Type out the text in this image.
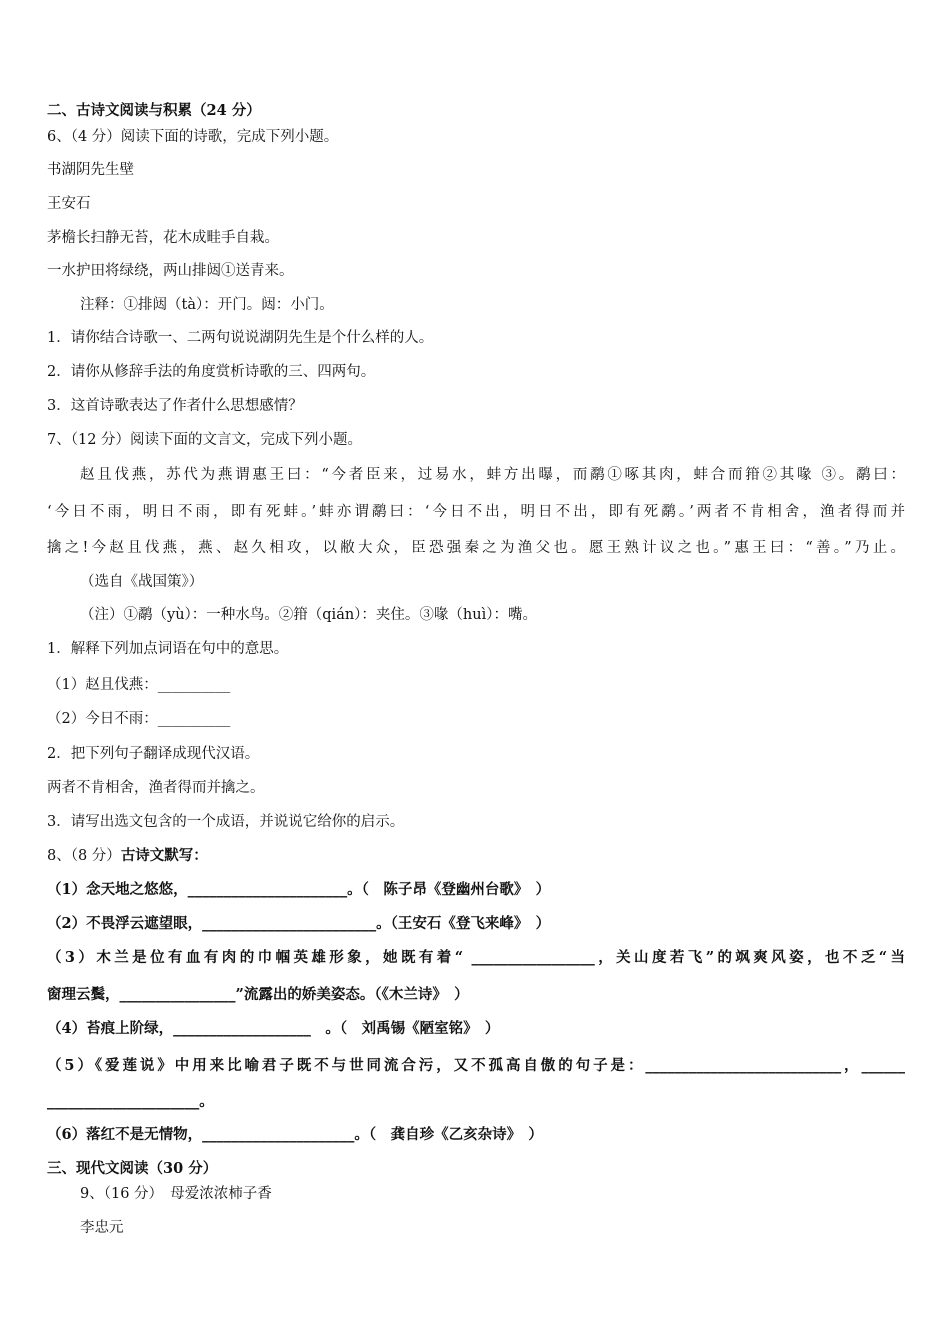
二、古诗文阅读与积累（24 分）
6、（4 分）阅读下面的诗歌，完成下列小题。
书湖阴先生壁
王安石
茅檐长扫静无苔，花木成畦手自栽。
一水护田将绿绕，两山排闼①送青来。
注释：①排闼（tà）：开门。闼：小门。
1．请你结合诗歌一、二两句说说湖阴先生是个什么样的人。
2．请你从修辞手法的角度赏析诗歌的三、四两句。
3．这首诗歌表达了作者什么思想感情？
7、（12 分）阅读下面的文言文，完成下列小题。
赵且伐燕，苏代为燕谓惠王曰：“今者臣来，过易水，蚌方出曝，而鹬①啄其肉，蚌合而箝②其喙 ③。鹬曰：
‘今日不雨，明日不雨，即有死蚌。’蚌亦谓鹬曰：‘今日不出，明日不出，即有死鹬。’两者不肯相舍，渔者得而并
擒之!今赵且伐燕，燕、赵久相攻，以敝大众，臣恐强秦之为渔父也。愿王熟计议之也。”惠王曰：“善。”乃止。
（选自《战国策》）
（注）①鹬（yù）：一种水鸟。②箝（qián）：夹住。③喙（huì）：嘴。
1．解释下列加点词语在句中的意思。
（1）赵且伐燕：__________
（2）今日不雨：__________
2．把下列句子翻译成现代汉语。
两者不肯相舍，渔者得而并擒之。
3．请写出选文包含的一个成语，并说说它给你的启示。
8、（8 分）古诗文默写：
（1）念天地之悠悠，______________________。（　陈子昂《登幽州台歌》　）
（2）不畏浮云遮望眼，________________________。（王安石《登飞来峰》　）
（3）木兰是位有血有肉的巾帼英雄形象，她既有着“ _________________，关山度若飞”的飒爽风姿，也不乏“当
窗理云鬓，________________”流露出的娇美姿态。（《木兰诗》　）
（4）苔痕上阶绿，___________________　。（　刘禹锡《陋室铭》　）
（5）《爱莲说》中用来比喻君子既不与世同流合污，又不孤高自傲的句子是：___________________________，______
_____________________。
（6）落红不是无情物，_____________________。（　龚自珍《乙亥杂诗》　）
三、现代文阅读（30 分）
9、（16 分）　母爱浓浓柿子香
李忠元
